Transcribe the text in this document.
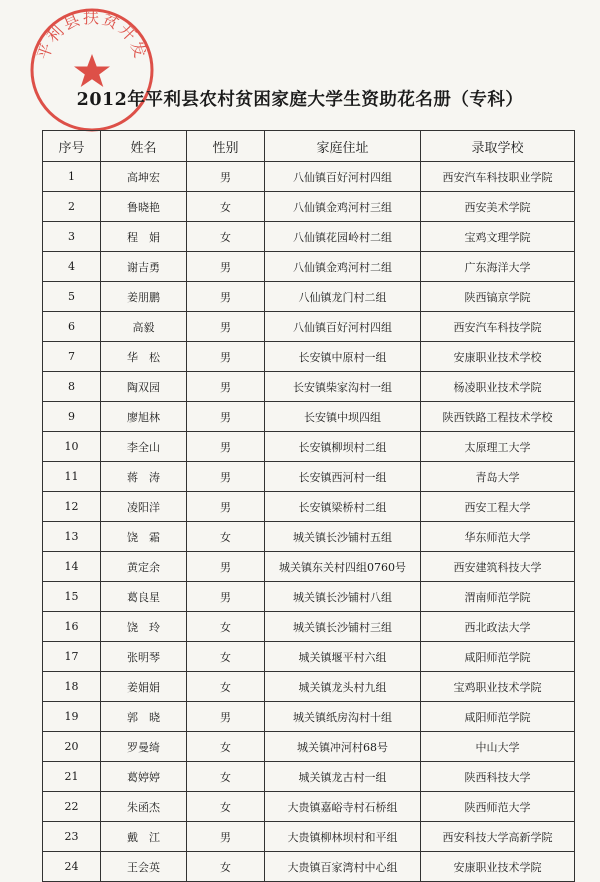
平利县扶贫开发
2012年平利县农村贫困家庭大学生资助花名册（专科）
序号	姓名	性别	家庭住址	录取学校
1	高坤宏	男	八仙镇百好河村四组	西安汽车科技职业学院
2	鲁晓艳	女	八仙镇金鸡河村三组	西安美术学院
3	程　娟	女	八仙镇花园岭村二组	宝鸡文理学院
4	谢吉勇	男	八仙镇金鸡河村二组	广东海洋大学
5	姜朋鹏	男	八仙镇龙门村二组	陕西镐京学院
6	高毅	男	八仙镇百好河村四组	西安汽车科技学院
7	华　松	男	长安镇中原村一组	安康职业技术学校
8	陶双园	男	长安镇柴家沟村一组	杨凌职业技术学院
9	廖旭林	男	长安镇中坝四组	陕西铁路工程技术学校
10	李全山	男	长安镇柳坝村二组	太原理工大学
11	蒋　涛	男	长安镇西河村一组	青岛大学
12	凌阳洋	男	长安镇梁桥村二组	西安工程大学
13	饶　霜	女	城关镇长沙铺村五组	华东师范大学
14	黄定余	男	城关镇东关村四组0760号	西安建筑科技大学
15	葛良星	男	城关镇长沙铺村八组	渭南师范学院
16	饶　玲	女	城关镇长沙铺村三组	西北政法大学
17	张明琴	女	城关镇堰平村六组	咸阳师范学院
18	姜娟娟	女	城关镇龙头村九组	宝鸡职业技术学院
19	郭　晓	男	城关镇纸房沟村十组	咸阳师范学院
20	罗曼绮	女	城关镇冲河村68号	中山大学
21	葛婷婷	女	城关镇龙古村一组	陕西科技大学
22	朱函杰	女	大贵镇嘉峪寺村石桥组	陕西师范大学
23	戴　江	男	大贵镇柳林坝村和平组	西安科技大学高新学院
24	王会英	女	大贵镇百家湾村中心组	安康职业技术学院
